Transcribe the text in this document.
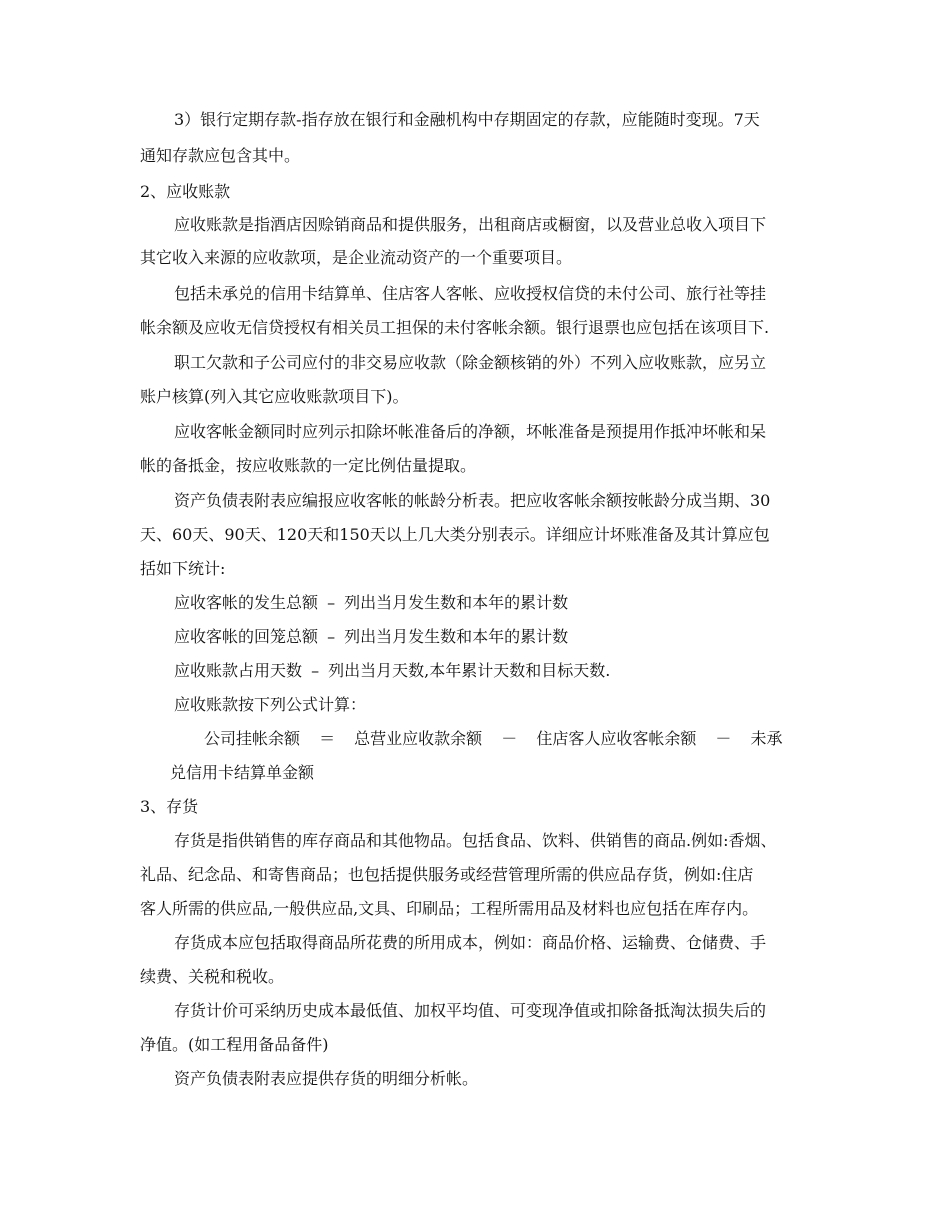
3）银行定期存款-指存放在银行和金融机构中存期固定的存款，应能随时变现。7天
通知存款应包含其中。
2、应收账款
应收账款是指酒店因赊销商品和提供服务，出租商店或橱窗，以及营业总收入项目下
其它收入来源的应收款项，是企业流动资产的一个重要项目。
包括未承兑的信用卡结算单、住店客人客帐、应收授权信贷的未付公司、旅行社等挂
帐余额及应收无信贷授权有相关员工担保的未付客帐余额。银行退票也应包括在该项目下.
职工欠款和子公司应付的非交易应收款（除金额核销的外）不列入应收账款，应另立
账户核算(列入其它应收账款项目下)。
应收客帐金额同时应列示扣除坏帐准备后的净额，坏帐准备是预提用作抵冲坏帐和呆
帐的备抵金，按应收账款的一定比例估量提取。
资产负债表附表应编报应收客帐的帐龄分析表。把应收客帐余额按帐龄分成当期、30
天、60天、90天、120天和150天以上几大类分别表示。详细应计坏账准备及其计算应包
括如下统计:
应收客帐的发生总额 – 列出当月发生数和本年的累计数
应收客帐的回笼总额 – 列出当月发生数和本年的累计数
应收账款占用天数 – 列出当月天数,本年累计天数和目标天数.
应收账款按下列公式计算：
公司挂帐余额 ＝ 总营业应收款余额 － 住店客人应收客帐余额 － 未承
兑信用卡结算单金额
3、存货
存货是指供销售的库存商品和其他物品。包括食品、饮料、供销售的商品.例如:香烟、
礼品、纪念品、和寄售商品；也包括提供服务或经营管理所需的供应品存货，例如:住店
客人所需的供应品,一般供应品,文具、印刷品；工程所需用品及材料也应包括在库存内。
存货成本应包括取得商品所花费的所用成本，例如：商品价格、运输费、仓储费、手
续费、关税和税收。
存货计价可采纳历史成本最低值、加权平均值、可变现净值或扣除备抵淘汰损失后的
净值。(如工程用备品备件)
资产负债表附表应提供存货的明细分析帐。
